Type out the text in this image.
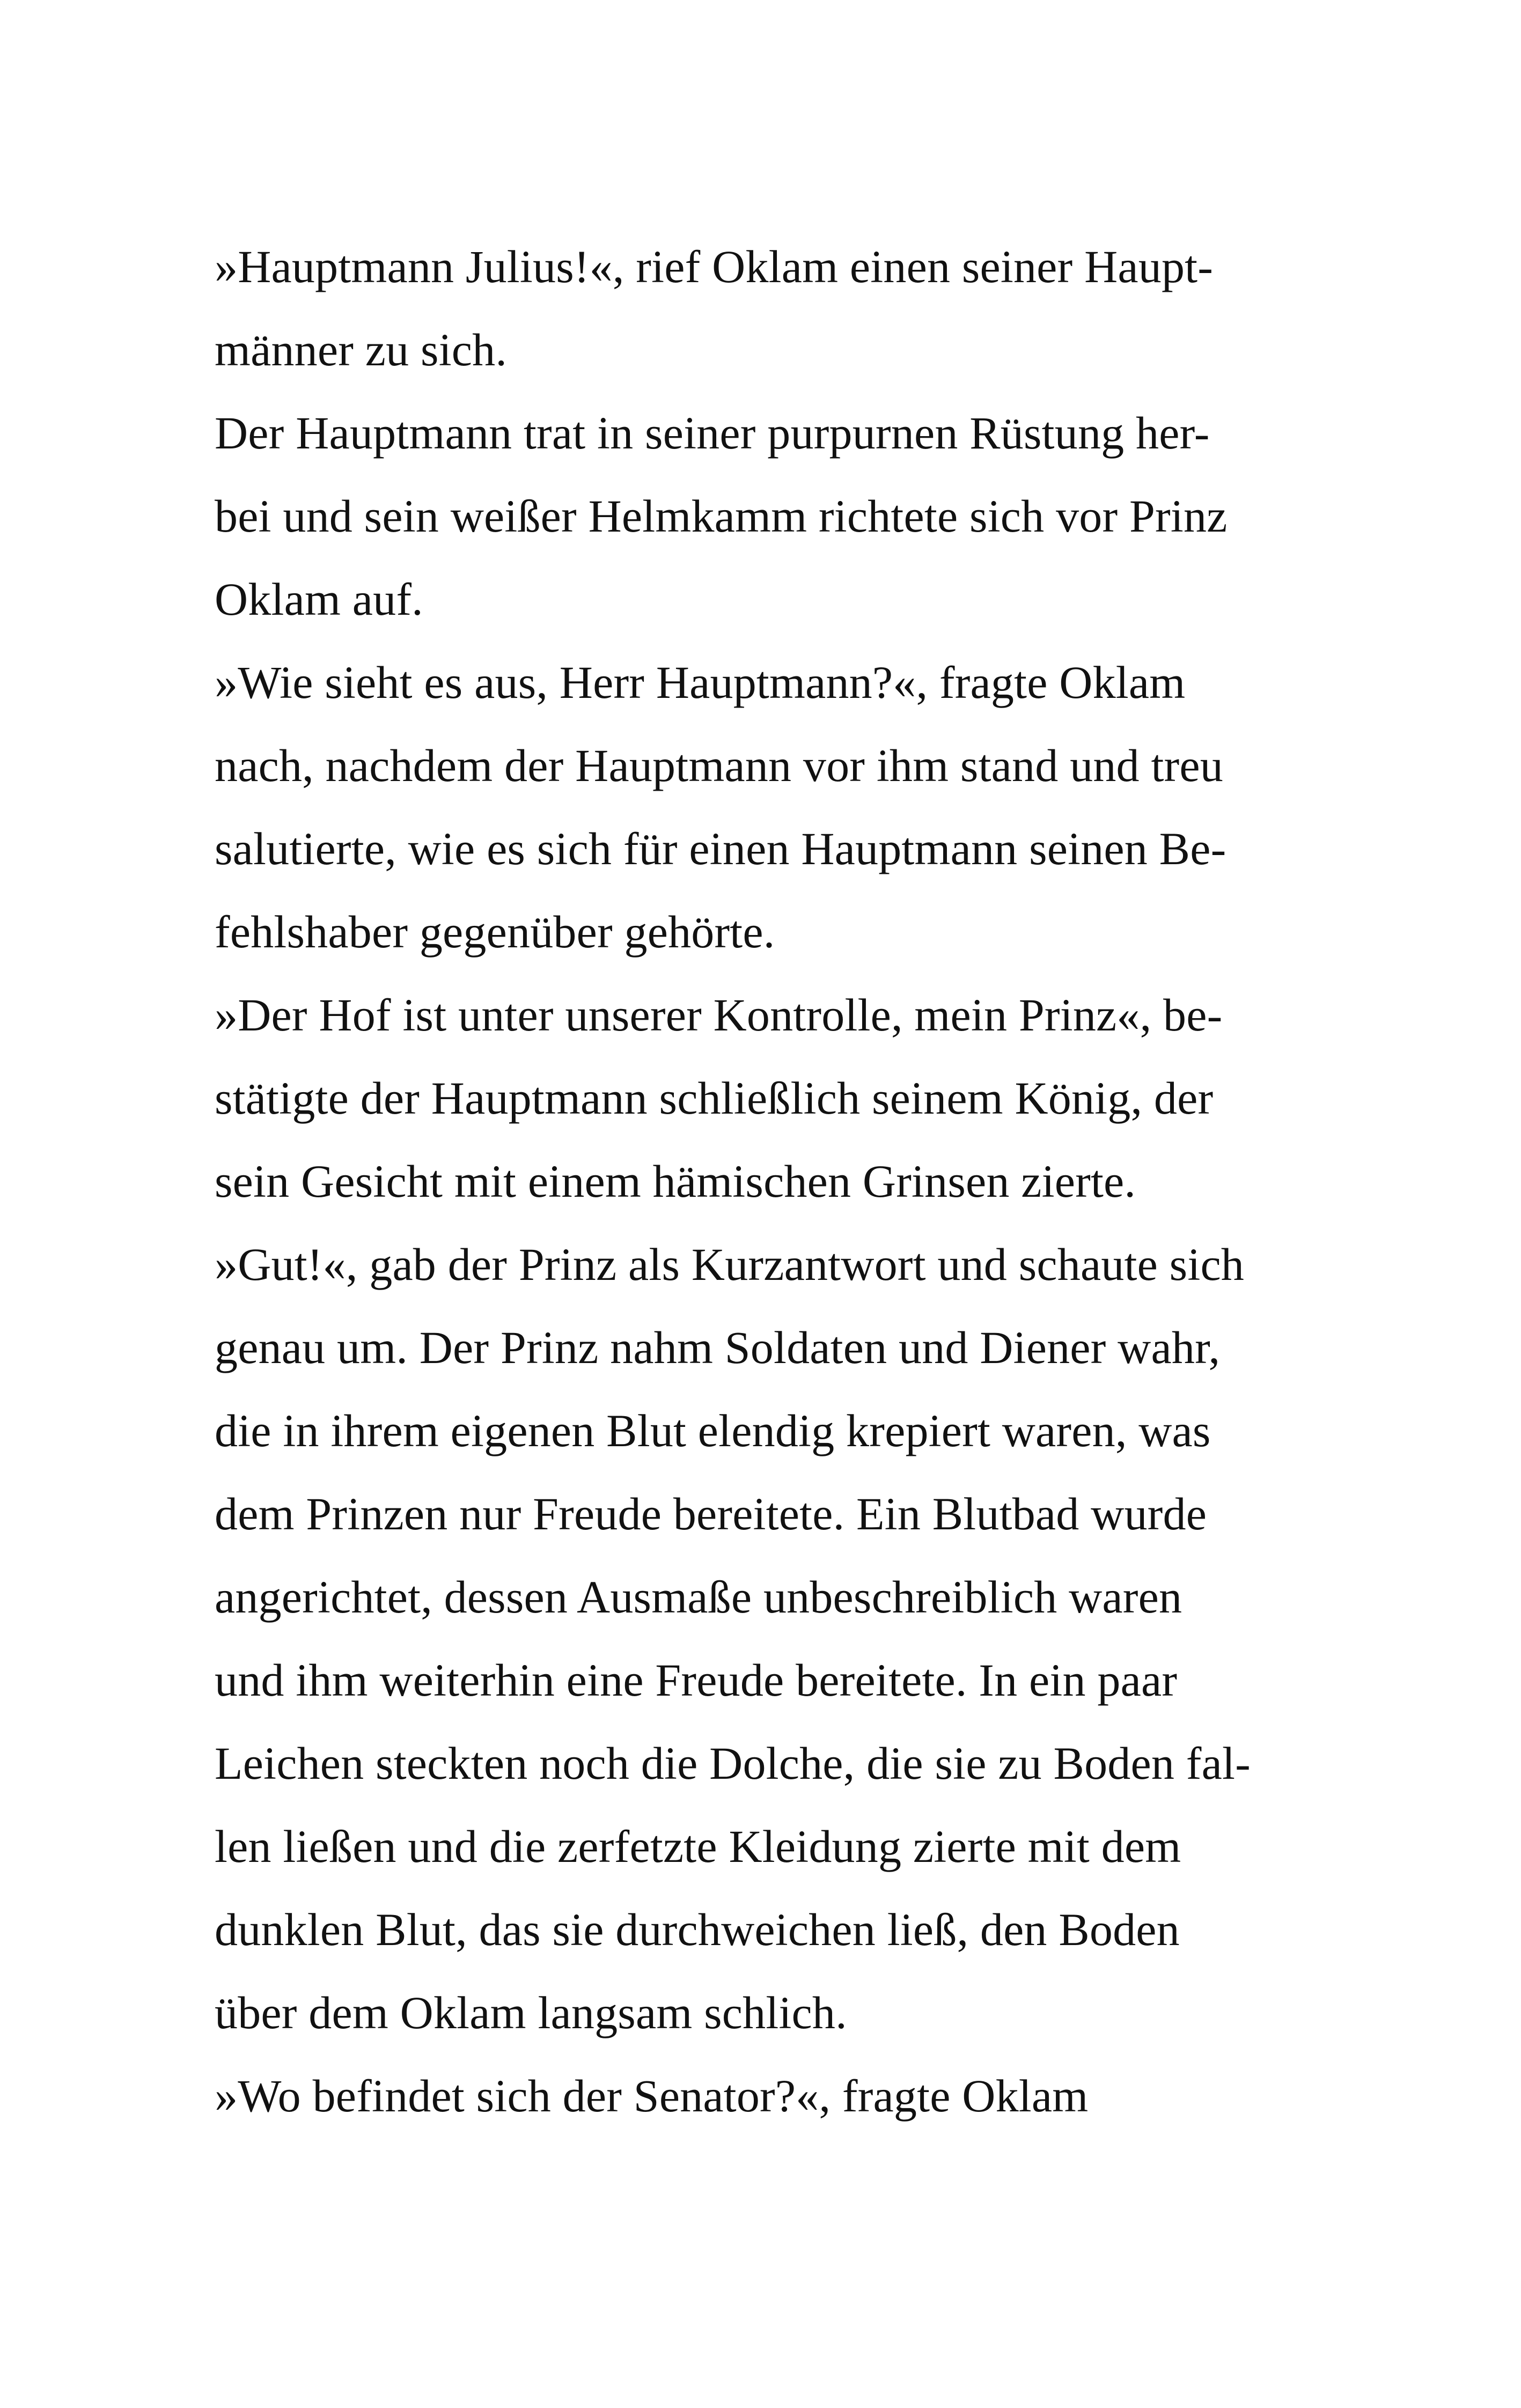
»Hauptmann Julius!«, rief Oklam einen seiner Haupt-
männer zu sich.
Der Hauptmann trat in seiner purpurnen Rüstung her-
bei und sein weißer Helmkamm richtete sich vor Prinz
Oklam auf.
»Wie sieht es aus, Herr Hauptmann?«, fragte Oklam
nach, nachdem der Hauptmann vor ihm stand und treu
salutierte, wie es sich für einen Hauptmann seinen Be-
fehlshaber gegenüber gehörte.
»Der Hof ist unter unserer Kontrolle, mein Prinz«, be-
stätigte der Hauptmann schließlich seinem König, der
sein Gesicht mit einem hämischen Grinsen zierte.
»Gut!«, gab der Prinz als Kurzantwort und schaute sich
genau um. Der Prinz nahm Soldaten und Diener wahr,
die in ihrem eigenen Blut elendig krepiert waren, was
dem Prinzen nur Freude bereitete. Ein Blutbad wurde
angerichtet, dessen Ausmaße unbeschreiblich waren
und ihm weiterhin eine Freude bereitete. In ein paar
Leichen steckten noch die Dolche, die sie zu Boden fal-
len ließen und die zerfetzte Kleidung zierte mit dem
dunklen Blut, das sie durchweichen ließ, den Boden
über dem Oklam langsam schlich.
»Wo befindet sich der Senator?«, fragte Oklam
